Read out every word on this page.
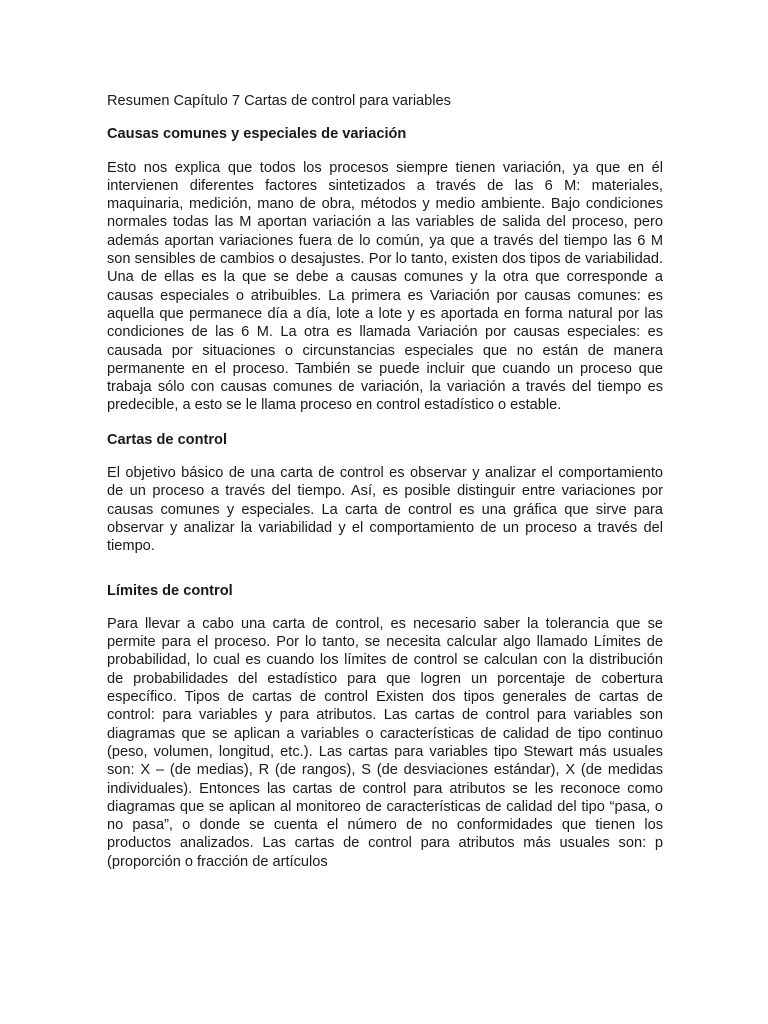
Resumen Capítulo 7 Cartas de control para variables

Causas comunes y especiales de variación

Esto nos explica que todos los procesos siempre tienen variación, ya que en él intervienen diferentes factores sintetizados a través de las 6 M: materiales, maquinaria, medición, mano de obra, métodos y medio ambiente. Bajo condiciones normales todas las M aportan variación a las variables de salida del proceso, pero además aportan variaciones fuera de lo común, ya que a través del tiempo las 6 M son sensibles de cambios o desajustes. Por lo tanto, existen dos tipos de variabilidad. Una de ellas es la que se debe a causas comunes y la otra que corresponde a causas especiales o atribuibles. La primera es Variación por causas comunes: es aquella que permanece día a día, lote a lote y es aportada en forma natural por las condiciones de las 6 M. La otra es llamada Variación por causas especiales: es causada por situaciones o circunstancias especiales que no están de manera permanente en el proceso. También se puede incluir que cuando un proceso que trabaja sólo con causas comunes de variación, la variación a través del tiempo es predecible, a esto se le llama proceso en control estadístico o estable.

Cartas de control

El objetivo básico de una carta de control es observar y analizar el comportamiento de un proceso a través del tiempo. Así, es posible distinguir entre variaciones por causas comunes y especiales. La carta de control es una gráfica que sirve para observar y analizar la variabilidad y el comportamiento de un proceso a través del tiempo.

Límites de control

Para llevar a cabo una carta de control, es necesario saber la tolerancia que se permite para el proceso. Por lo tanto, se necesita calcular algo llamado Límites de probabilidad, lo cual es cuando los límites de control se calculan con la distribución de probabilidades del estadístico para que logren un porcentaje de cobertura específico. Tipos de cartas de control Existen dos tipos generales de cartas de control: para variables y para atributos. Las cartas de control para variables son diagramas que se aplican a variables o características de calidad de tipo continuo (peso, volumen, longitud, etc.). Las cartas para variables tipo Stewart más usuales son: X – (de medias), R (de rangos), S (de desviaciones estándar), X (de medidas individuales). Entonces las cartas de control para atributos se les reconoce como diagramas que se aplican al monitoreo de características de calidad del tipo “pasa, o no pasa”, o donde se cuenta el número de no conformidades que tienen los productos analizados. Las cartas de control para atributos más usuales son: p (proporción o fracción de artículos
